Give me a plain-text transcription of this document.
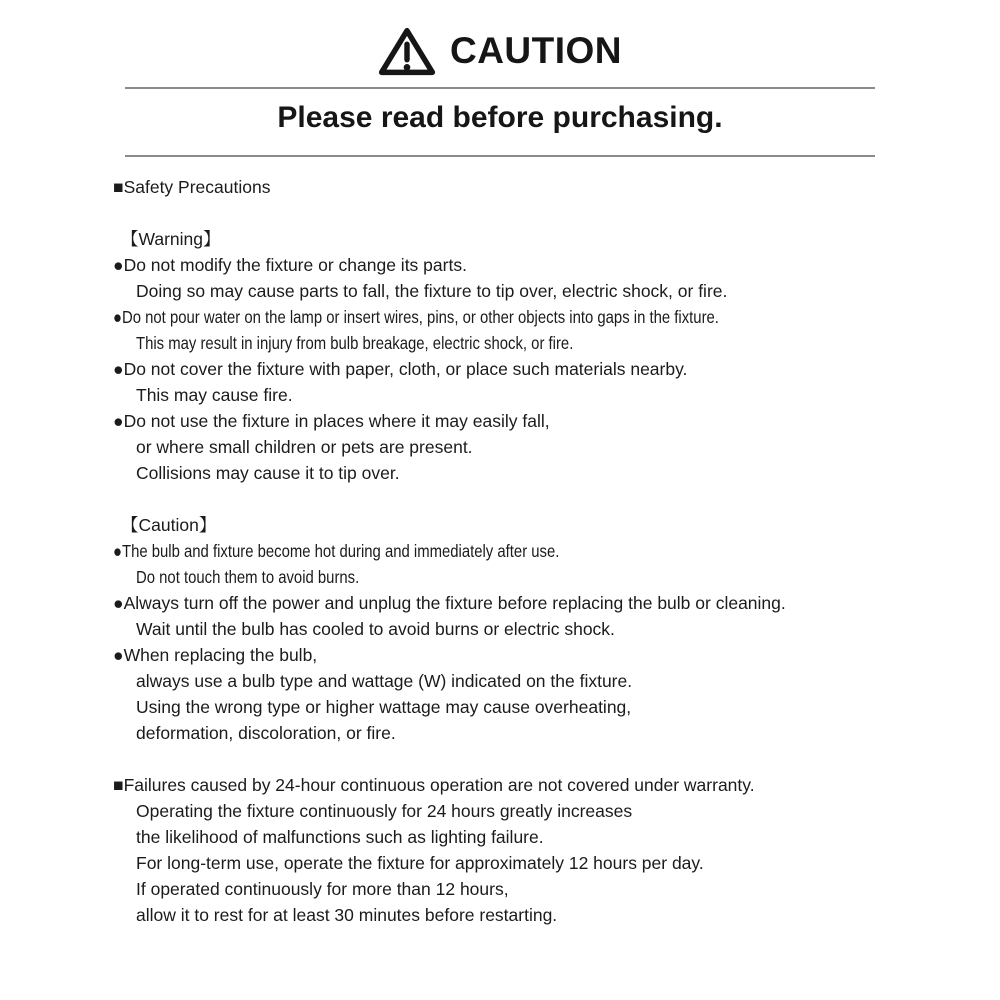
CAUTION
Please read before purchasing.
■Safety Precautions
【Warning】
●Do not modify the fixture or change its parts.
Doing so may cause parts to fall, the fixture to tip over, electric shock, or fire.
●Do not pour water on the lamp or insert wires, pins, or other objects into gaps in the fixture.
This may result in injury from bulb breakage, electric shock, or fire.
●Do not cover the fixture with paper, cloth, or place such materials nearby.
This may cause fire.
●Do not use the fixture in places where it may easily fall,
or where small children or pets are present.
Collisions may cause it to tip over.
【Caution】
●The bulb and fixture become hot during and immediately after use.
Do not touch them to avoid burns.
●Always turn off the power and unplug the fixture before replacing the bulb or cleaning.
Wait until the bulb has cooled to avoid burns or electric shock.
●When replacing the bulb,
always use a bulb type and wattage (W) indicated on the fixture.
Using the wrong type or higher wattage may cause overheating,
deformation, discoloration, or fire.
■Failures caused by 24-hour continuous operation are not covered under warranty.
Operating the fixture continuously for 24 hours greatly increases
the likelihood of malfunctions such as lighting failure.
For long-term use, operate the fixture for approximately 12 hours per day.
If operated continuously for more than 12 hours,
allow it to rest for at least 30 minutes before restarting.
